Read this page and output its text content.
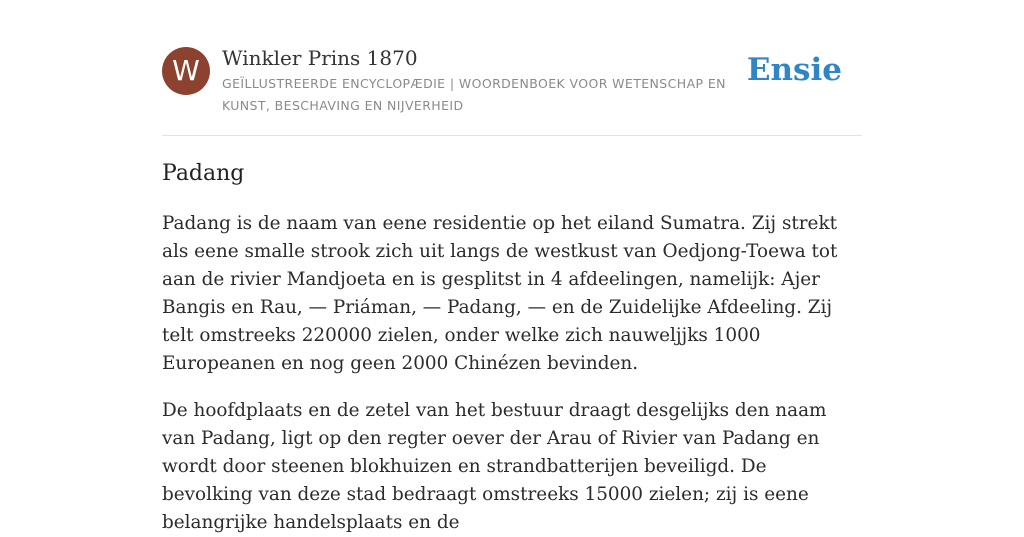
W	Winkler Prins 1870
GEÏLLUSTREERDE ENCYCLOPÆDIE | WOORDENBOEK VOOR WETENSCHAP EN KUNST, BESCHAVING EN NIJVERHEID
Ensie
Padang

Padang is de naam van eene residentie op het eiland Sumatra. Zij strekt als eene smalle strook zich uit langs de westkust van Oedjong-Toewa tot aan de rivier Mandjoeta en is gesplitst in 4 afdeelingen, namelijk: Ajer Bangis en Rau, — Priáman, — Padang, — en de Zuidelijke Afdeeling. Zij telt omstreeks 220000 zielen, onder welke zich nauweljjks 1000 Europeanen en nog geen 2000 Chinézen bevinden.

De hoofdplaats en de zetel van het bestuur draagt desgelijks den naam van Padang, ligt op den regter oever der Arau of Rivier van Padang en wordt door steenen blokhuizen en strandbatterijen beveiligd. De bevolking van deze stad bedraagt omstreeks 15000 zielen; zij is eene belangrijke handelsplaats en de
